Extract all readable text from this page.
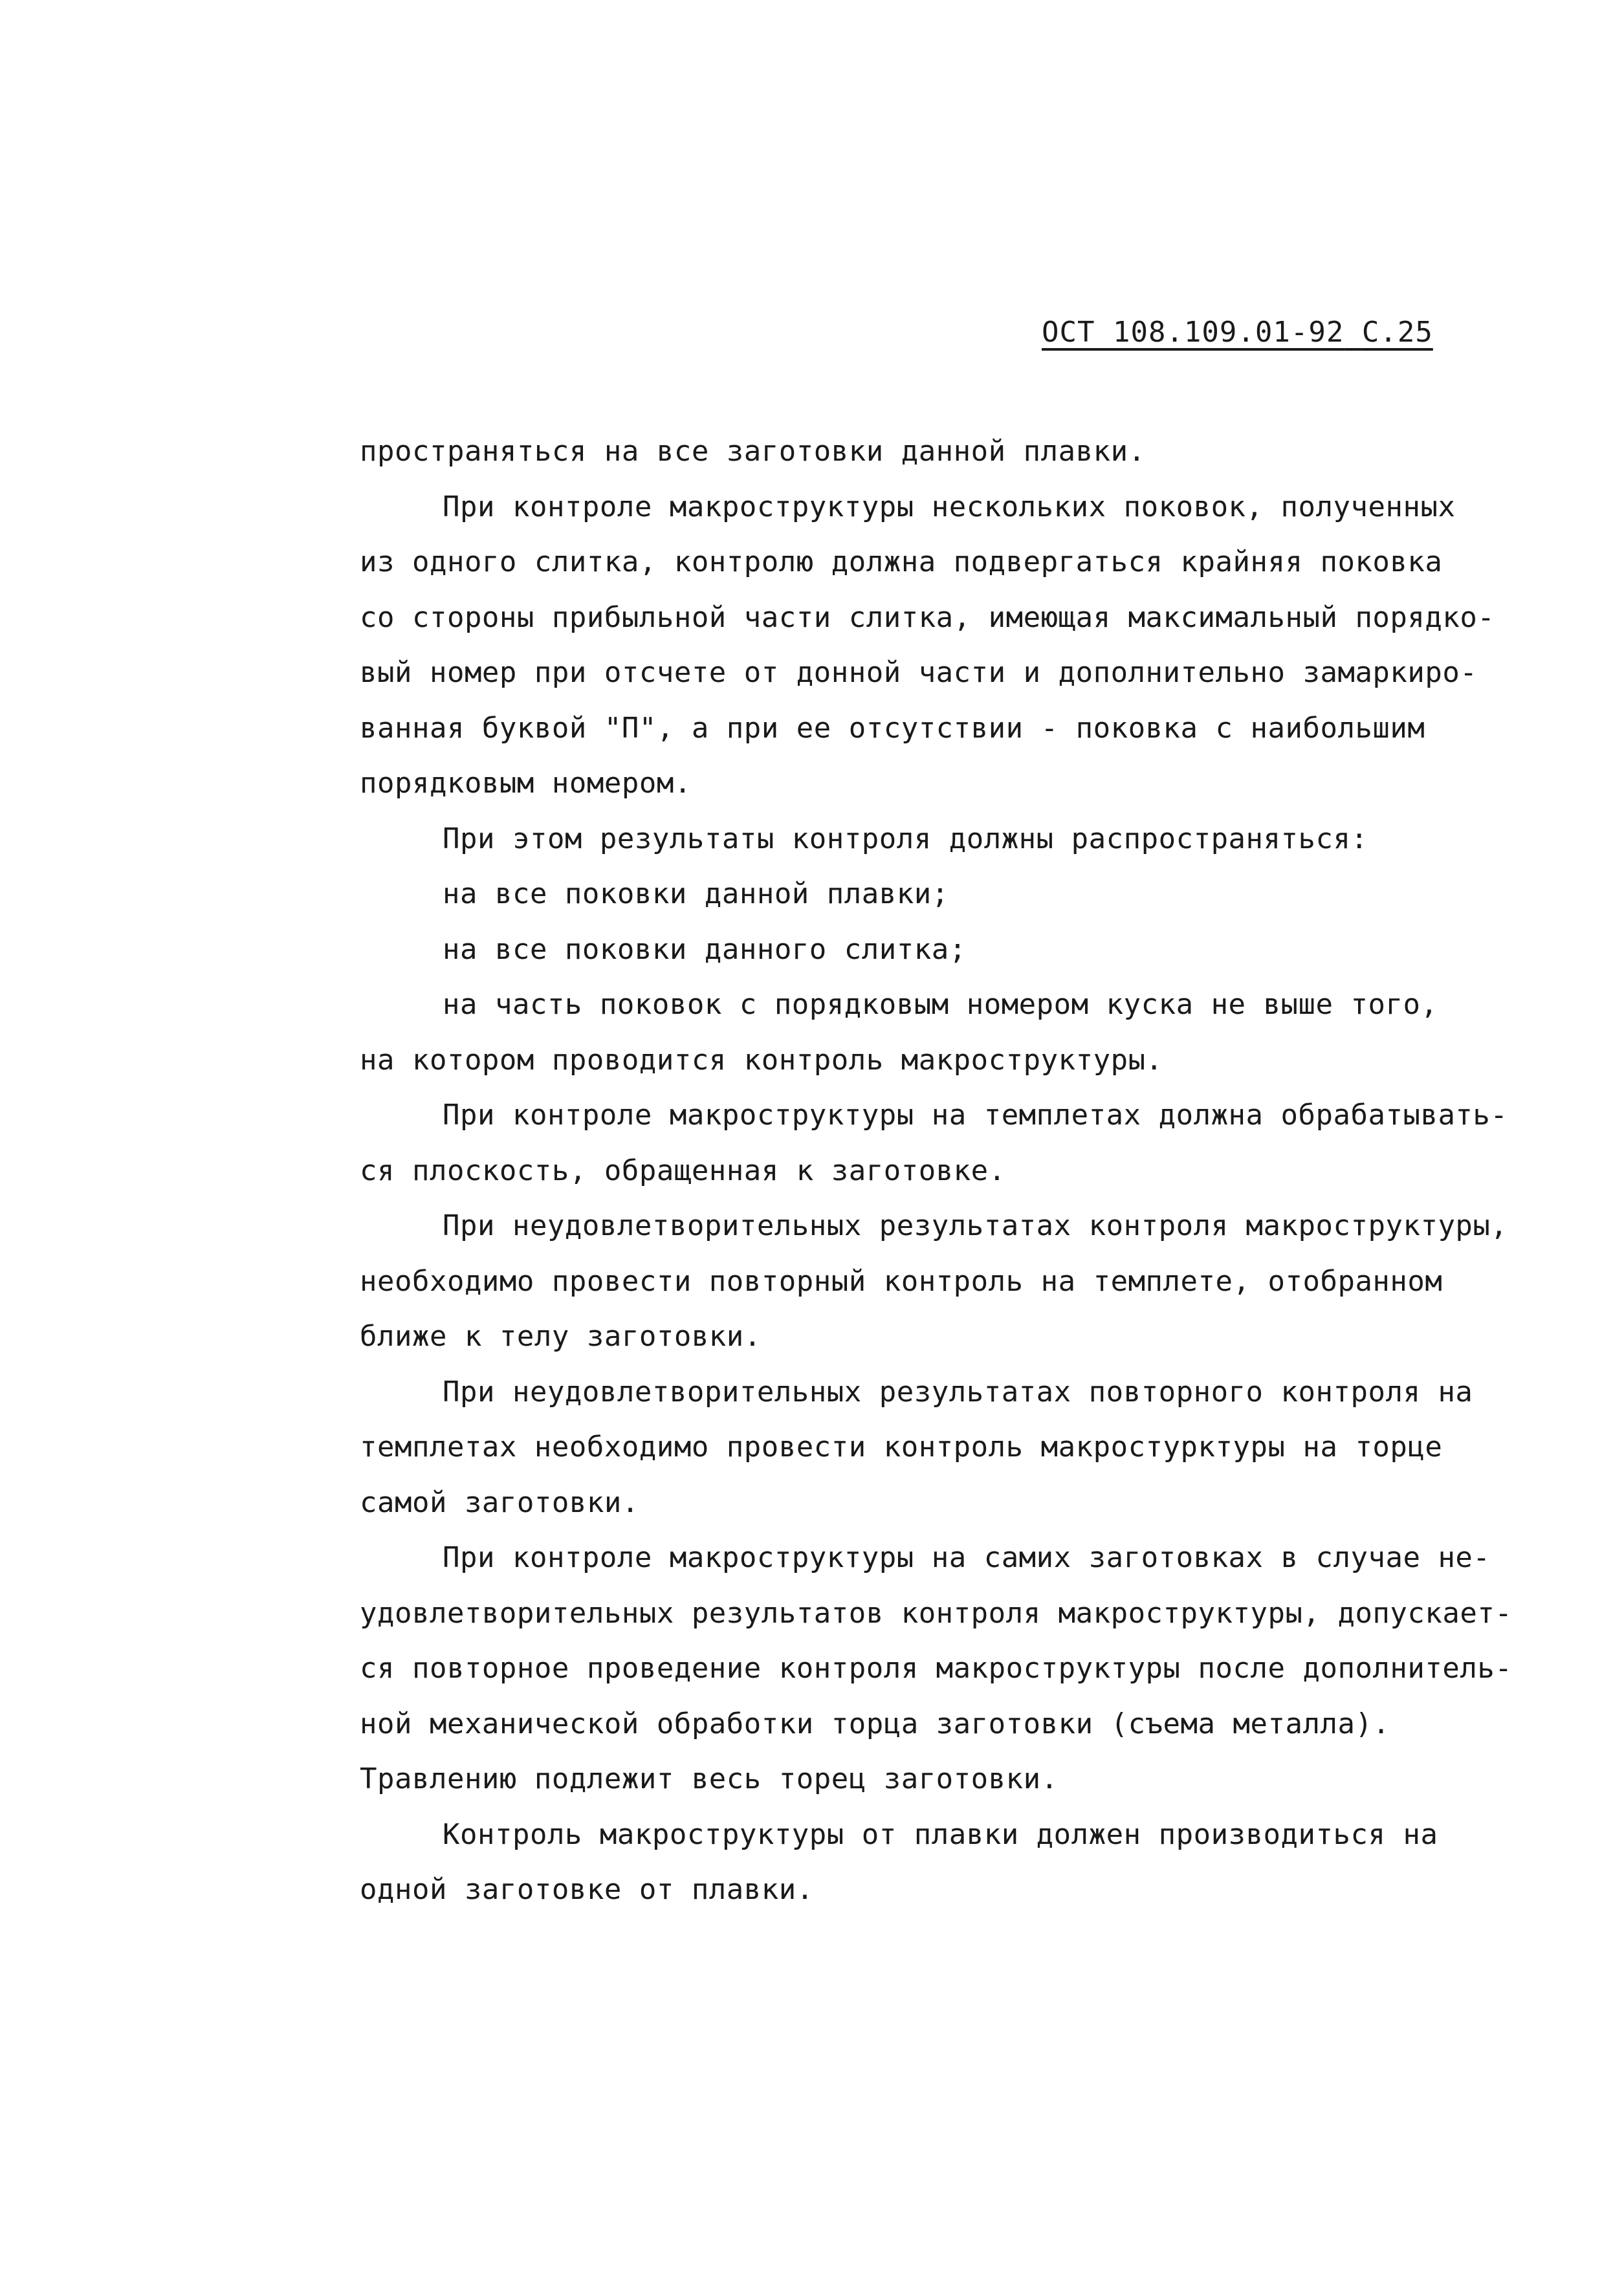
ОСТ 108.109.01-92 С.25
пространяться на все заготовки данной плавки.
При контроле макроструктуры нескольких поковок, полученных
из одного слитка, контролю должна подвергаться крайняя поковка
со стороны прибыльной части слитка, имеющая максимальный порядко-
вый номер при отсчете от донной части и дополнительно замаркиро-
ванная буквой "П", а при ее отсутствии - поковка с наибольшим
порядковым номером.
При этом результаты контроля должны распространяться:
на все поковки данной плавки;
на все поковки данного слитка;
на часть поковок с порядковым номером куска не выше того,
на котором проводится контроль макроструктуры.
При контроле макроструктуры на темплетах должна обрабатывать-
ся плоскость, обращенная к заготовке.
При неудовлетворительных результатах контроля макроструктуры,
необходимо провести повторный контроль на темплете, отобранном
ближе к телу заготовки.
При неудовлетворительных результатах повторного контроля на
темплетах необходимо провести контроль макростурктуры на торце
самой заготовки.
При контроле макроструктуры на самих заготовках в случае не-
удовлетворительных результатов контроля макроструктуры, допускает-
ся повторное проведение контроля макроструктуры после дополнитель-
ной механической обработки торца заготовки (съема металла).
Травлению подлежит весь торец заготовки.
Контроль макроструктуры от плавки должен производиться на
одной заготовке от плавки.
